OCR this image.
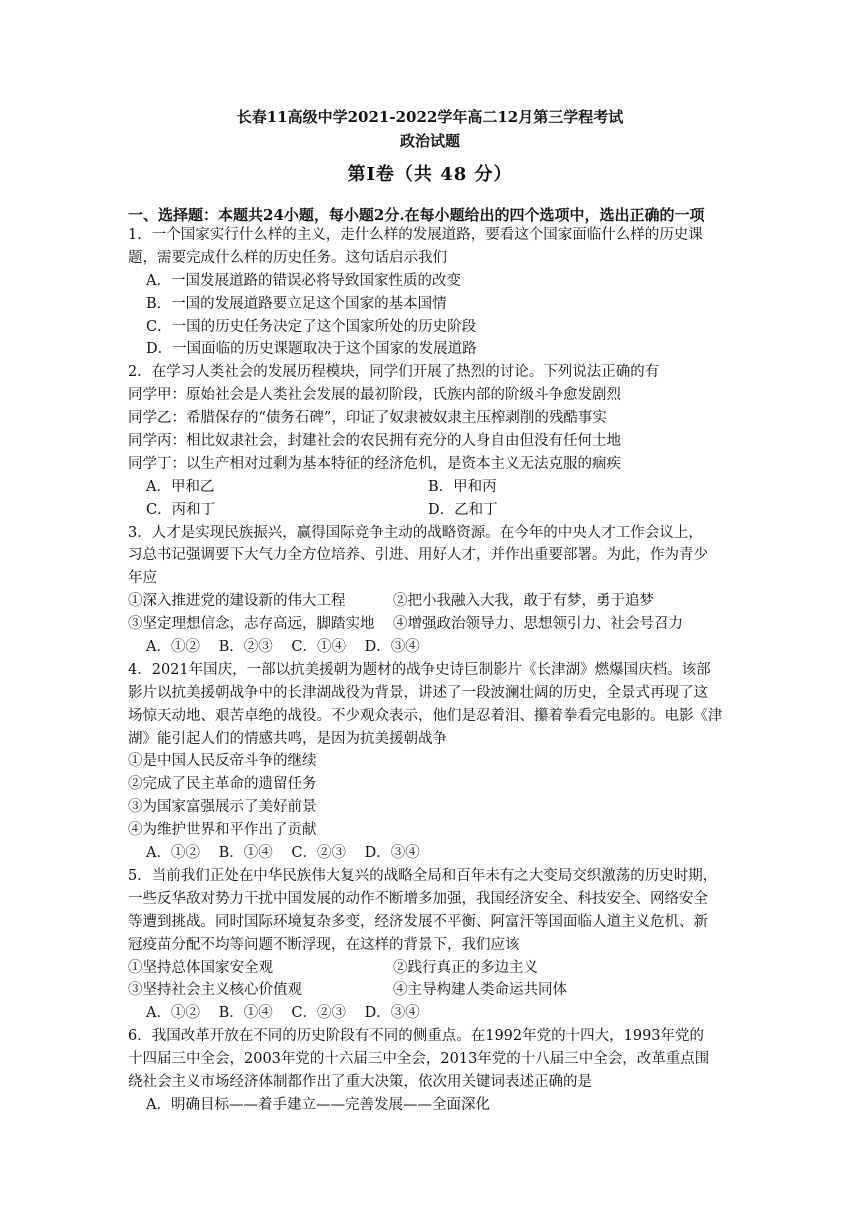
长春11高级中学2021-2022学年高二12月第三学程考试
政治试题
第Ⅰ卷（共 48 分）
一、选择题：本题共24小题，每小题2分.在每小题给出的四个选项中，选出正确的一项
1．一个国家实行什么样的主义，走什么样的发展道路，要看这个国家面临什么样的历史课
题，需要完成什么样的历史任务。这句话启示我们
A．一国发展道路的错误必将导致国家性质的改变
B．一国的发展道路要立足这个国家的基本国情
C．一国的历史任务决定了这个国家所处的历史阶段
D．一国面临的历史课题取决于这个国家的发展道路
2．在学习人类社会的发展历程模块，同学们开展了热烈的讨论。下列说法正确的有
同学甲：原始社会是人类社会发展的最初阶段，氏族内部的阶级斗争愈发剧烈
同学乙：希腊保存的“债务石碑”，印证了奴隶被奴隶主压榨剥削的残酷事实
同学丙：相比奴隶社会，封建社会的农民拥有充分的人身自由但没有任何土地
同学丁：以生产相对过剩为基本特征的经济危机，是资本主义无法克服的痼疾
A．甲和乙	B．甲和丙
C．丙和丁	D．乙和丁
3．人才是实现民族振兴，赢得国际竞争主动的战略资源。在今年的中央人才工作会议上，
习总书记强调要下大气力全方位培养、引进、用好人才，并作出重要部署。为此，作为青少
年应
①深入推进党的建设新的伟大工程	②把小我融入大我，敢于有梦，勇于追梦
③坚定理想信念，志存高远，脚踏实地	④增强政治领导力、思想领引力、社会号召力
A．①② B．②③ C．①④ D．③④
4．2021年国庆，一部以抗美援朝为题材的战争史诗巨制影片《长津湖》燃爆国庆档。该部
影片以抗美援朝战争中的长津湖战役为背景，讲述了一段波澜壮阔的历史，全景式再现了这
场惊天动地、艰苦卓绝的战役。不少观众表示，他们是忍着泪、攥着拳看完电影的。电影《津
湖》能引起人们的情感共鸣，是因为抗美援朝战争
①是中国人民反帝斗争的继续
②完成了民主革命的遗留任务
③为国家富强展示了美好前景
④为维护世界和平作出了贡献
A．①② B．①④ C．②③ D．③④
5．当前我们正处在中华民族伟大复兴的战略全局和百年未有之大变局交织激荡的历史时期，
一些反华敌对势力干扰中国发展的动作不断增多加强，我国经济安全、科技安全、网络安全
等遭到挑战。同时国际环境复杂多变，经济发展不平衡、阿富汗等国面临人道主义危机、新
冠疫苗分配不均等问题不断浮现，在这样的背景下，我们应该
①坚持总体国家安全观	②践行真正的多边主义
③坚持社会主义核心价值观	④主导构建人类命运共同体
A．①② B．①④ C．②③ D．③④
6．我国改革开放在不同的历史阶段有不同的侧重点。在1992年党的十四大，1993年党的
十四届三中全会，2003年党的十六届三中全会，2013年党的十八届三中全会，改革重点围
绕社会主义市场经济体制都作出了重大决策，依次用关键词表述正确的是
A．明确目标——着手建立——完善发展——全面深化
